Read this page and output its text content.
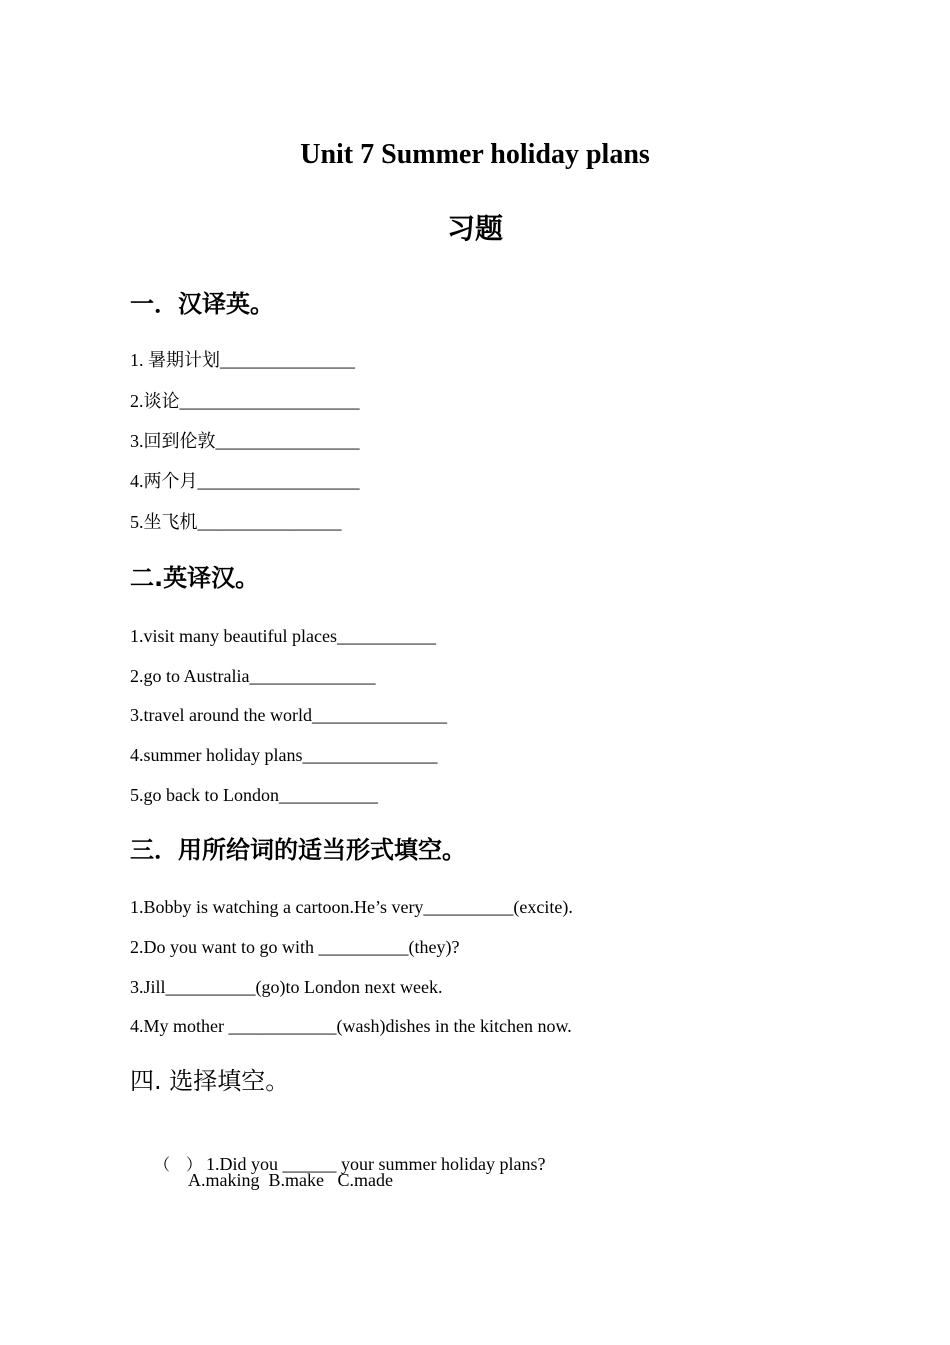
Unit 7 Summer holiday plans
习题
一．汉译英。
1. 暑期计划_______________
2.谈论____________________
3.回到伦敦________________
4.两个月__________________
5.坐飞机________________
二.英译汉。
1.visit many beautiful places___________
2.go to Australia______________
3.travel around the world_______________
4.summer holiday plans_______________
5.go back to London___________
三．用所给词的适当形式填空。
1.Bobby is watching a cartoon.He’s very__________(excite).
2.Do you want to go with __________(they)?
3.Jill__________(go)to London next week.
4.My mother ____________(wash)dishes in the kitchen now.
四. 选择填空。

（　） 1.Did you ______ your summer holiday plans?

A.making  B.make   C.made
